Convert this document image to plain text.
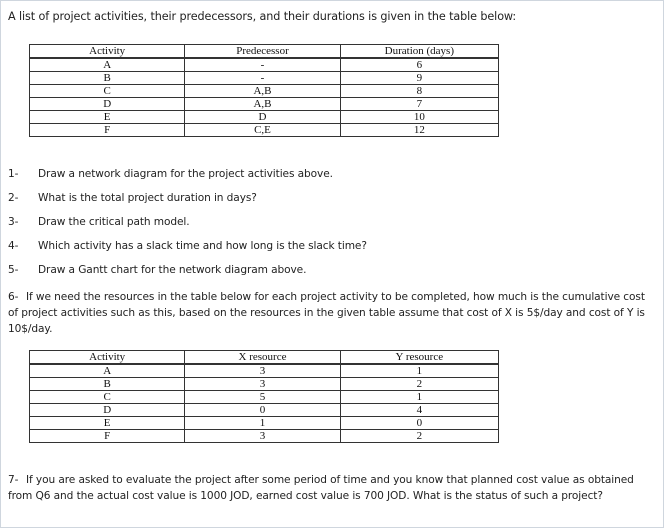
A list of project activities, their predecessors, and their durations is given in the table below:
Activity	Predecessor	Duration (days)
A	-	6
B	-	9
C	A,B	8
D	A,B	7
E	D	10
F	C,E	12
1- Draw a network diagram for the project activities above.
2- What is the total project duration in days?
3- Draw the critical path model.
4- Which activity has a slack time and how long is the slack time?
5- Draw a Gantt chart for the network diagram above.
6- If we need the resources in the table below for each project activity to be completed, how much is the cumulative cost of project activities such as this, based on the resources in the given table assume that cost of X is 5$/day and cost of Y is 10$/day.
Activity	X resource	Y resource
A	3	1
B	3	2
C	5	1
D	0	4
E	1	0
F	3	2
7- If you are asked to evaluate the project after some period of time and you know that planned cost value as obtained from Q6 and the actual cost value is 1000 JOD, earned cost value is 700 JOD. What is the status of such a project?
